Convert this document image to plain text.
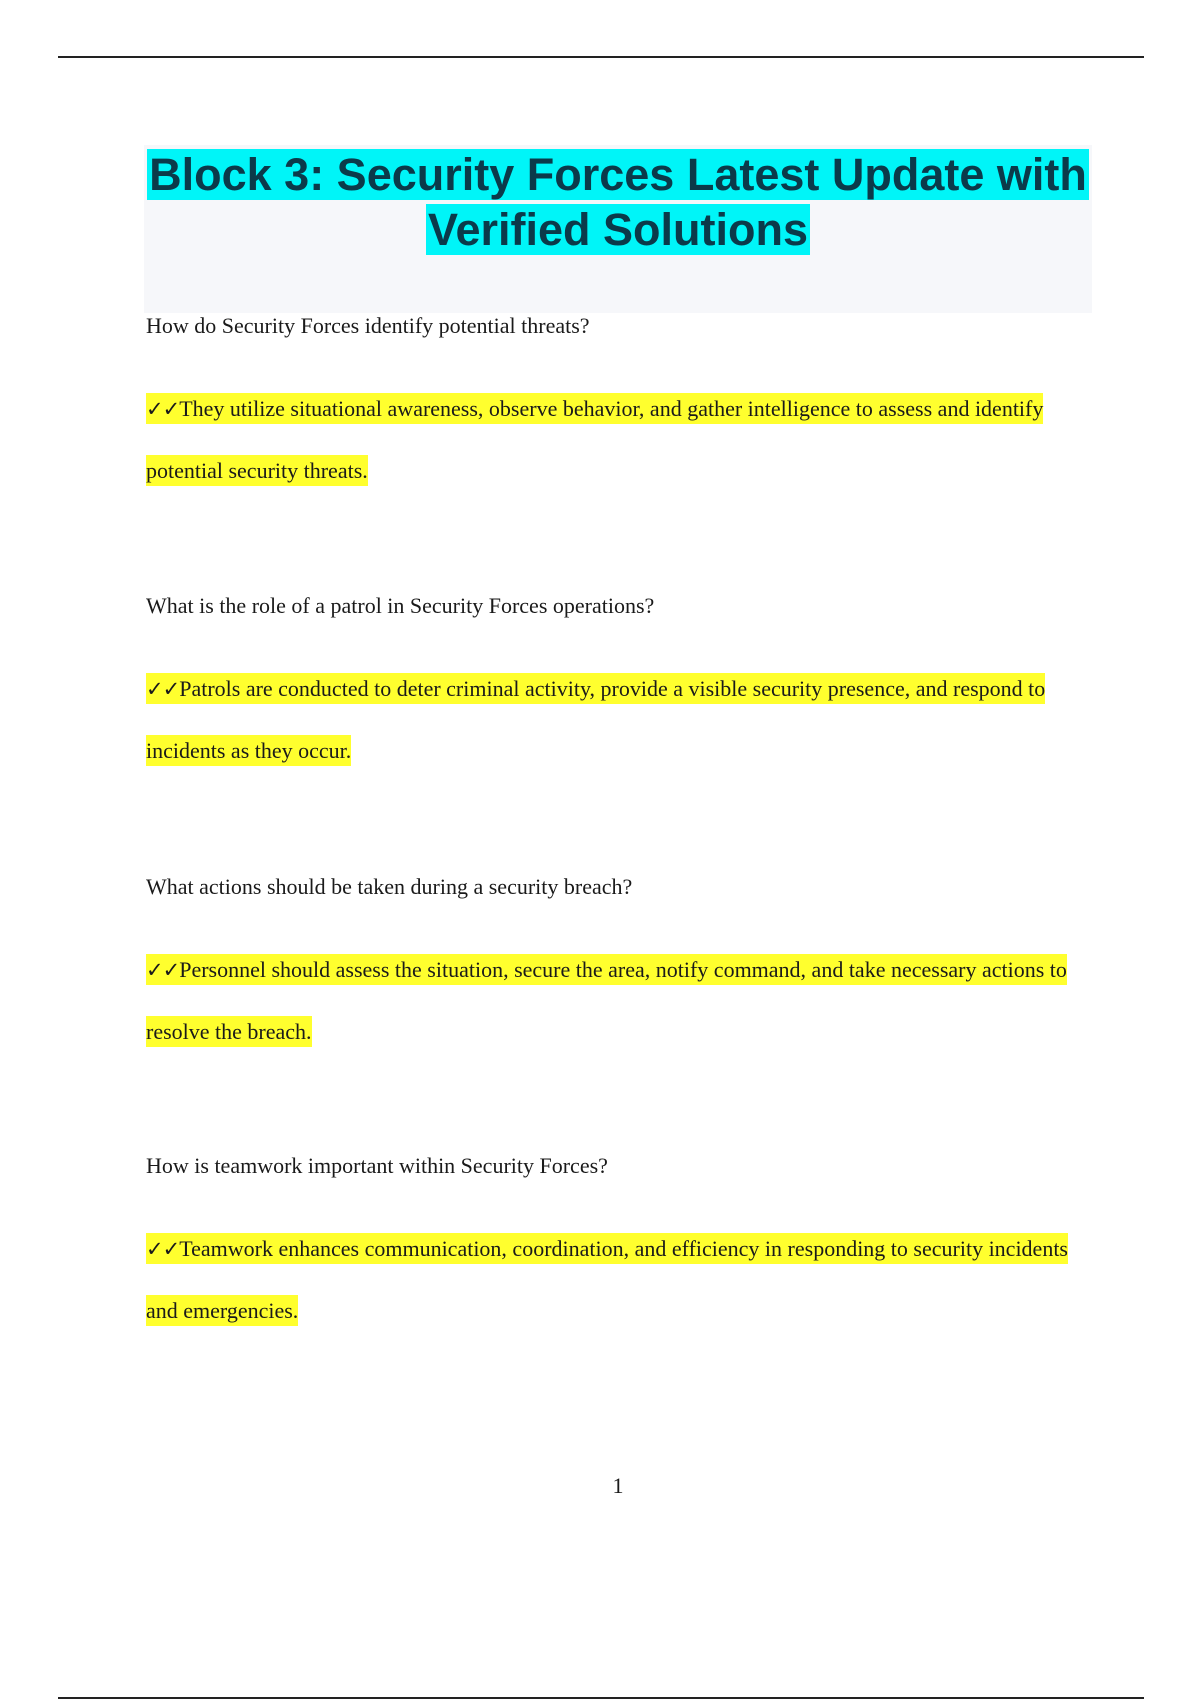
Block 3: Security Forces Latest Update with Verified Solutions

How do Security Forces identify potential threats?

✓✓They utilize situational awareness, observe behavior, and gather intelligence to assess and identify potential security threats.

What is the role of a patrol in Security Forces operations?

✓✓Patrols are conducted to deter criminal activity, provide a visible security presence, and respond to incidents as they occur.

What actions should be taken during a security breach?

✓✓Personnel should assess the situation, secure the area, notify command, and take necessary actions to resolve the breach.

How is teamwork important within Security Forces?

✓✓Teamwork enhances communication, coordination, and efficiency in responding to security incidents and emergencies.

1
